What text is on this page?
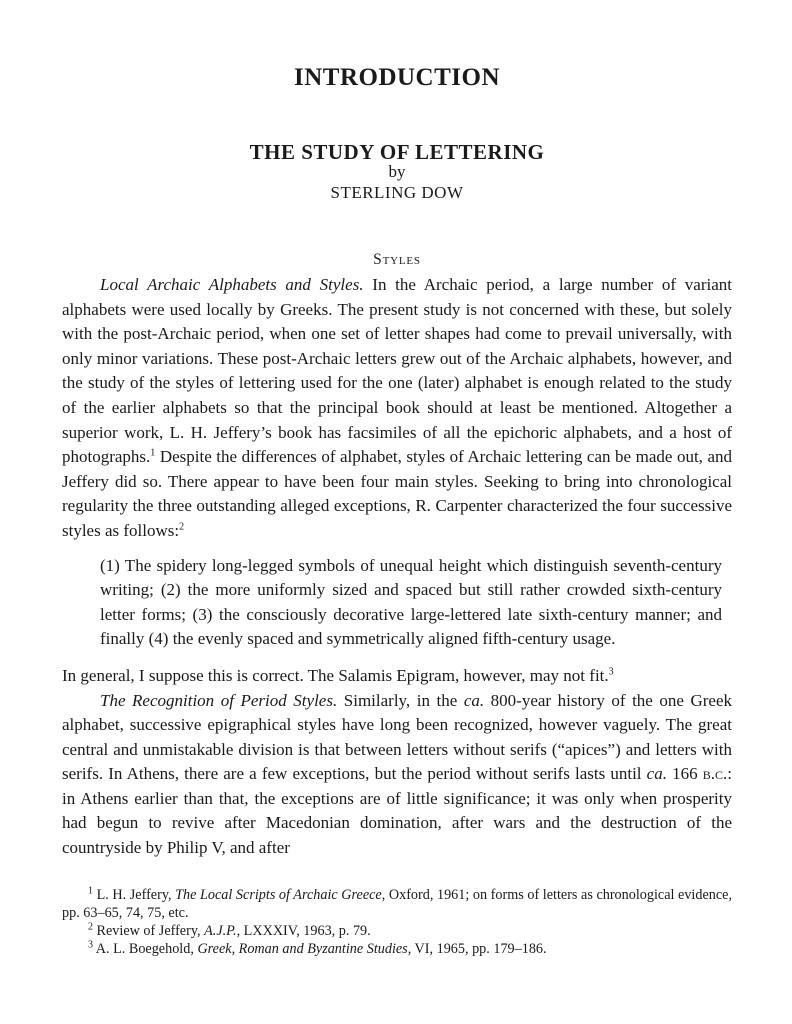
INTRODUCTION
THE STUDY OF LETTERING
by
STERLING DOW
Styles

Local Archaic Alphabets and Styles. In the Archaic period, a large number of variant alphabets were used locally by Greeks. The present study is not concerned with these, but solely with the post-Archaic period, when one set of letter shapes had come to prevail universally, with only minor variations. These post-Archaic letters grew out of the Archaic alphabets, however, and the study of the styles of lettering used for the one (later) alphabet is enough related to the study of the earlier alphabets so that the principal book should at least be mentioned. Altogether a superior work, L. H. Jeffery’s book has facsimiles of all the epichoric alphabets, and a host of photographs.$^1$ Despite the differences of alphabet, styles of Archaic lettering can be made out, and Jeffery did so. There appear to have been four main styles. Seeking to bring into chronological regularity the three outstanding alleged exceptions, R. Carpenter characterized the four successive styles as follows:$^2$

(1) The spidery long-legged symbols of unequal height which distinguish seventh-century writing; (2) the more uniformly sized and spaced but still rather crowded sixth-century letter forms; (3) the consciously decorative large-lettered late sixth-century manner; and finally (4) the evenly spaced and symmetrically aligned fifth-century usage.

In general, I suppose this is correct. The Salamis Epigram, however, may not fit.$^3$

The Recognition of Period Styles. Similarly, in the ca. 800-year history of the one Greek alphabet, successive epigraphical styles have long been recognized, however vaguely. The great central and unmistakable division is that between letters without serifs (“apices”) and letters with serifs. In Athens, there are a few exceptions, but the period without serifs lasts until ca. 166 b.c.: in Athens earlier than that, the exceptions are of little significance; it was only when prosperity had begun to revive after Macedonian domination, after wars and the destruction of the countryside by Philip V, and after

$^1$ L. H. Jeffery, The Local Scripts of Archaic Greece, Oxford, 1961; on forms of letters as chronological evidence, pp. 63–65, 74, 75, etc.

$^2$ Review of Jeffery, A.J.P., LXXXIV, 1963, p. 79.

$^3$ A. L. Boegehold, Greek, Roman and Byzantine Studies, VI, 1965, pp. 179–186.
